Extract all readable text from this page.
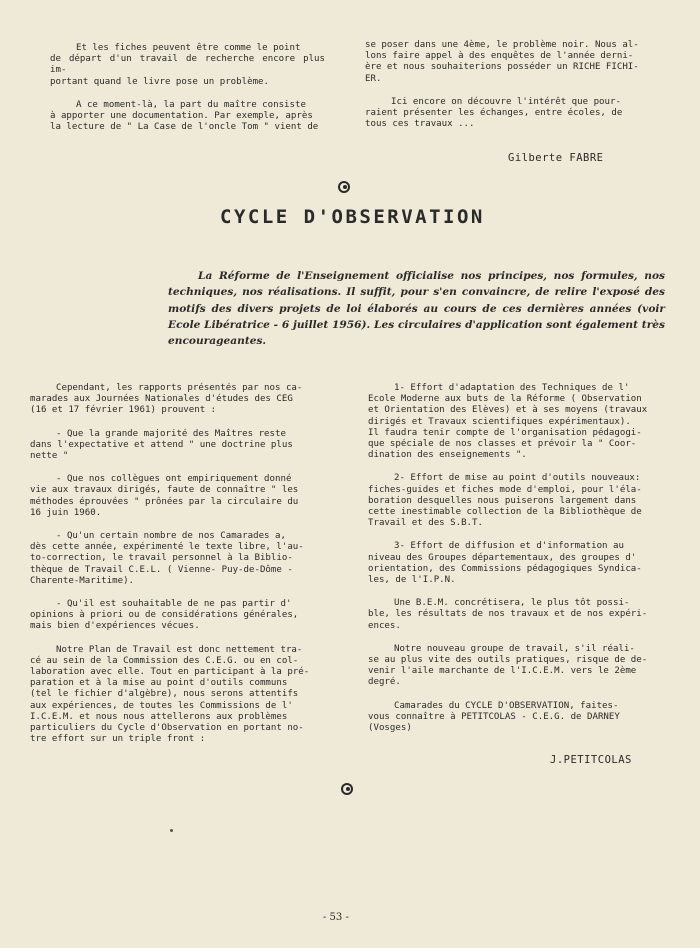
Et les fiches peuvent être comme le point
de départ d'un travail de recherche encore plus im-
portant quand le livre pose un problème.

A ce moment-là, la part du maître consiste
à apporter une documentation. Par exemple, après
la lecture de " La Case de l'oncle Tom " vient de

se poser dans une 4ème, le problème noir. Nous al-
lons faire appel à des enquêtes de l'année derni-
ère et nous souhaiterions posséder un RICHE FICHI-
ER.

Ici encore on découvre l'intérêt que pour-
raient présenter les échanges, entre écoles, de
tous ces travaux ...

Gilberte FABRE
CYCLE D'OBSERVATION
La Réforme de l'Enseignement officialise nos principes, nos formules, nos techniques, nos réalisations. Il suffit, pour s'en convaincre, de relire l'exposé des motifs des divers projets de loi élaborés au cours de ces dernières années (voir Ecole Libératrice - 6 juillet 1956). Les circulaires d'application sont également très encourageantes.

Cependant, les rapports présentés par nos ca-
marades aux Journées Nationales d'études des CEG
(16 et 17 février 1961) prouvent :

- Que la grande majorité des Maîtres reste
dans l'expectative et attend " une doctrine plus
nette "

- Que nos collègues ont empiriquement donné
vie aux travaux dirigés, faute de connaître " les
méthodes éprouvées " prônées par la circulaire du
16 juin 1960.

- Qu'un certain nombre de nos Camarades a,
dès cette année, expérimenté le texte libre, l'au-
to-correction, le travail personnel à la Biblio-
thèque de Travail C.E.L. ( Vienne- Puy-de-Dôme -
Charente-Maritime).

- Qu'il est souhaitable de ne pas partir d'
opinions à priori ou de considérations générales,
mais bien d'expériences vécues.

Notre Plan de Travail est donc nettement tra-
cé au sein de la Commission des C.E.G. ou en col-
laboration avec elle. Tout en participant à la pré-
paration et à la mise au point d'outils communs
(tel le fichier d'algèbre), nous serons attentifs
aux expériences, de toutes les Commissions de l'
I.C.E.M. et nous nous attellerons aux problèmes
particuliers du Cycle d'Observation en portant no-
tre effort sur un triple front :

1- Effort d'adaptation des Techniques de l'
Ecole Moderne aux buts de la Réforme ( Observation
et Orientation des Elèves) et à ses moyens (travaux
dirigés et Travaux scientifiques expérimentaux).
Il faudra tenir compte de l'organisation pédagogi-
que spéciale de nos classes et prévoir la " Coor-
dination des enseignements ".

2- Effort de mise au point d'outils nouveaux:
fiches-guides et fiches mode d'emploi, pour l'éla-
boration desquelles nous puiserons largement dans
cette inestimable collection de la Bibliothèque de
Travail et des S.B.T.

3- Effort de diffusion et d'information au
niveau des Groupes départementaux, des groupes d'
orientation, des Commissions pédagogiques Syndica-
les, de l'I.P.N.

Une B.E.M. concrétisera, le plus tôt possi-
ble, les résultats de nos travaux et de nos expéri-
ences.

Notre nouveau groupe de travail, s'il réali-
se au plus vite des outils pratiques, risque de de-
venir l'aile marchante de l'I.C.E.M. vers le 2ème
degré.

Camarades du CYCLE D'OBSERVATION, faites-
vous connaître à PETITCOLAS - C.E.G. de DARNEY
(Vosges)

J.PETITCOLAS
- 53 -
